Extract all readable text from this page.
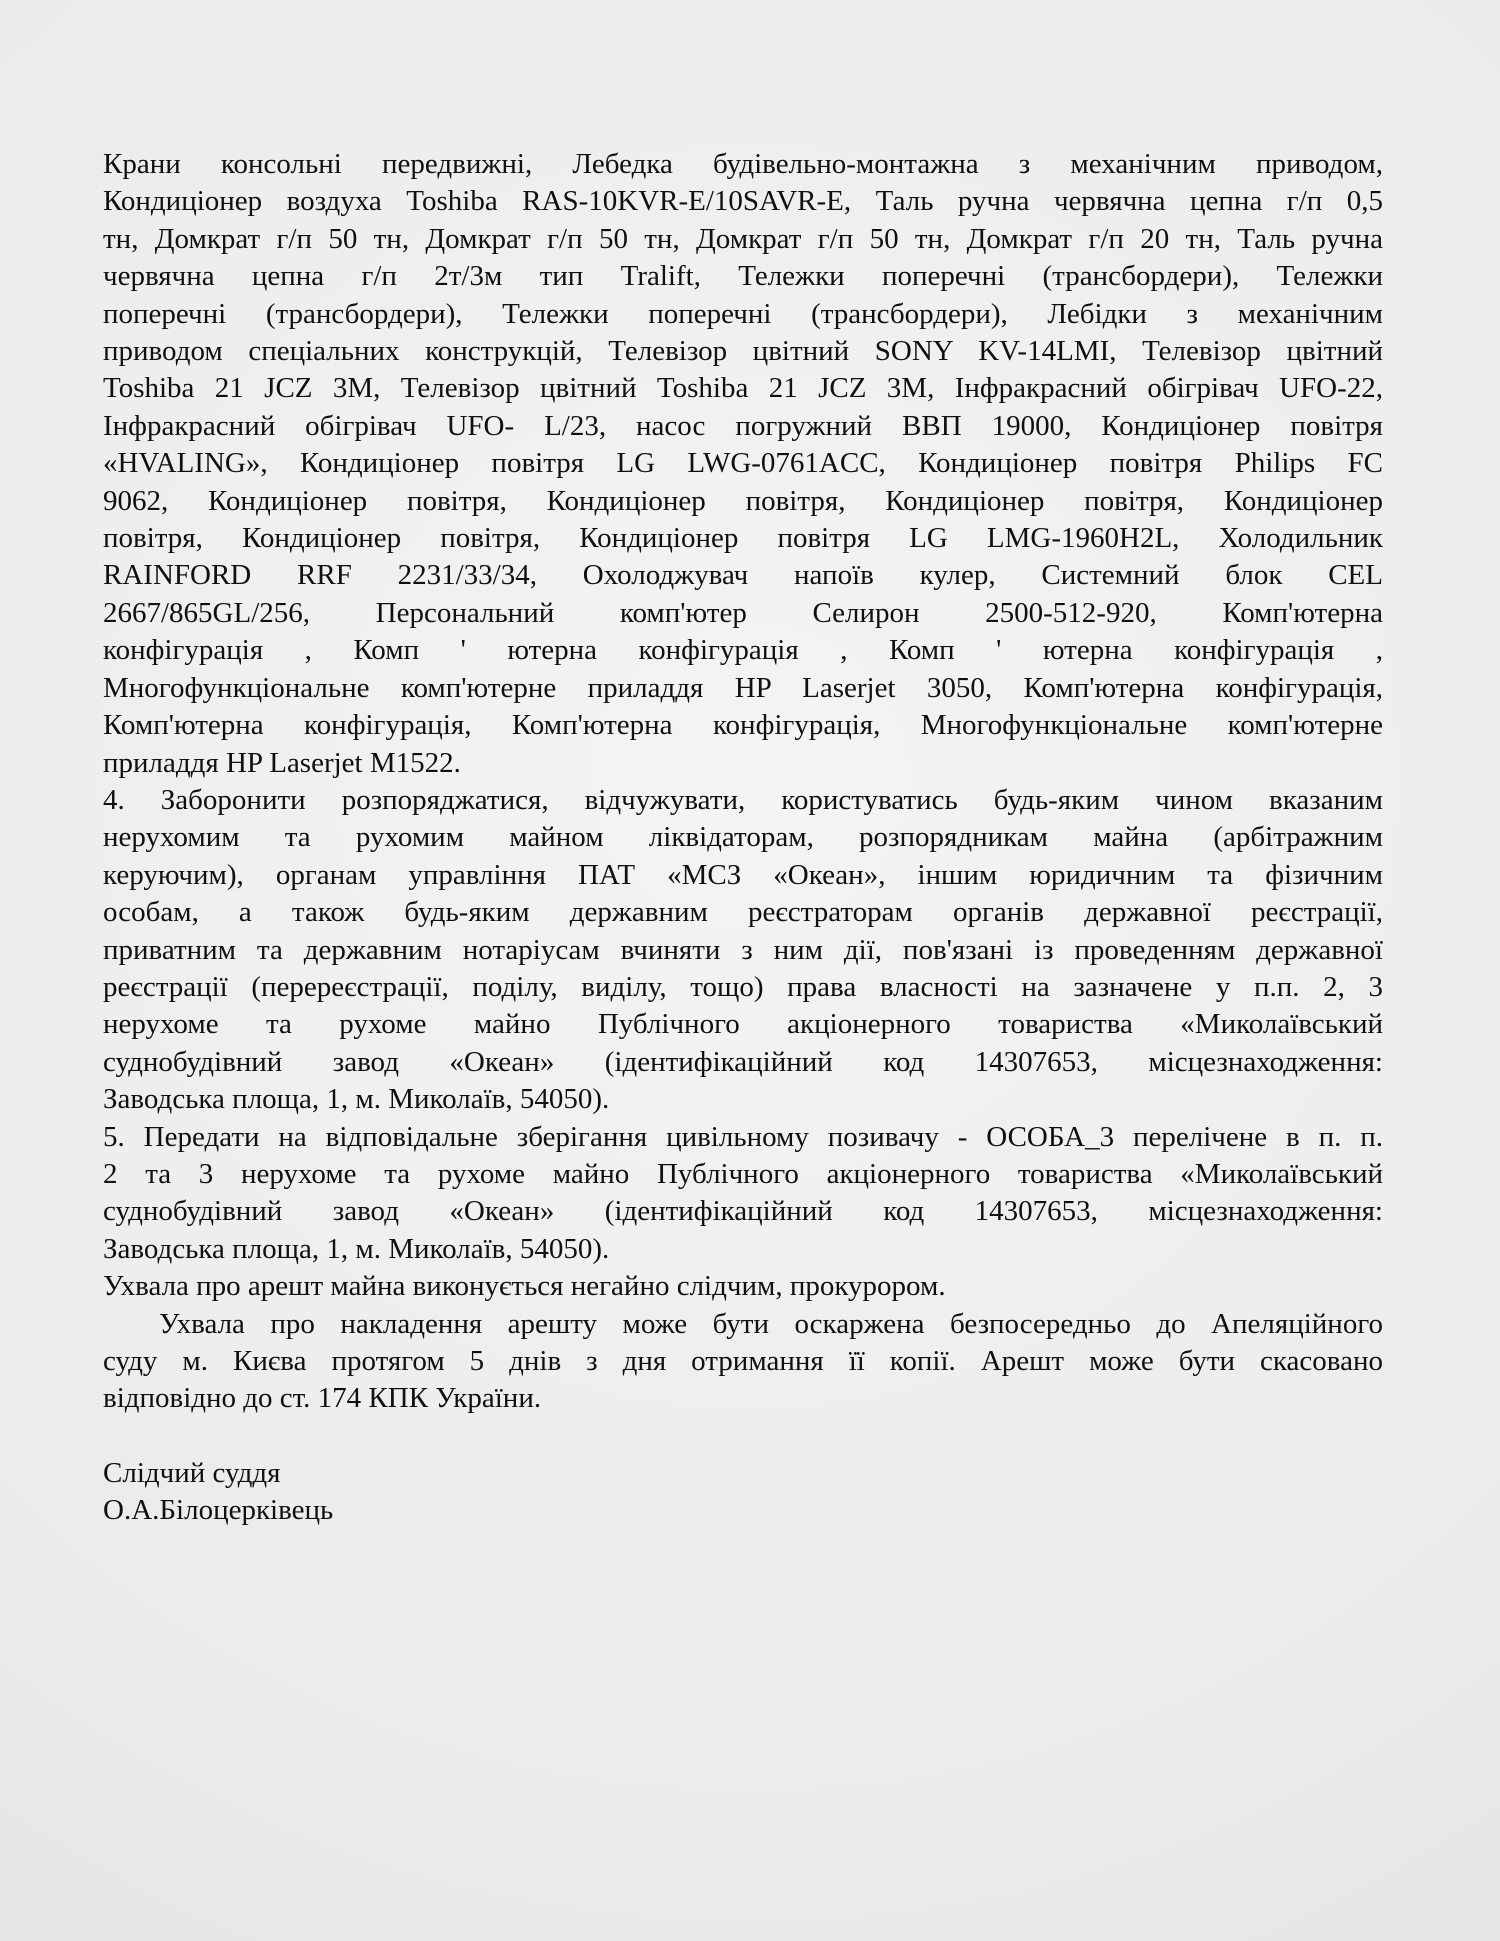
Крани консольні передвижні, Лебедка будівельно-монтажна з механічним приводом,
Кондиціонер воздуха Toshiba RAS-10KVR-E/10SAVR-E, Таль ручна червячна цепна г/п 0,5
тн, Домкрат г/п 50 тн, Домкрат г/п 50 тн, Домкрат г/п 50 тн, Домкрат г/п 20 тн, Таль ручна
червячна цепна г/п 2т/3м тип Tralift, Тележки поперечні (трансбордери), Тележки
поперечні (трансбордери), Тележки поперечні (трансбордери), Лебідки з механічним
приводом спеціальних конструкцій, Телевізор цвітний SONY KV-14LMI, Телевізор цвітний
Toshiba 21 JCZ 3M, Телевізор цвітний Toshiba 21 JCZ 3M, Інфракрасний обігрівач UFO-22,
Інфракрасний обігрівач UFO- L/23, насос погружний ВВП 19000, Кондиціонер повітря
«HVALING», Кондиціонер повітря LG LWG-0761ACC, Кондиціонер повітря Philips FC
9062, Кондиціонер повітря, Кондиціонер повітря, Кондиціонер повітря, Кондиціонер
повітря, Кондиціонер повітря, Кондиціонер повітря LG LMG-1960H2L, Холодильник
RAINFORD RRF 2231/33/34, Охолоджувач напоїв кулер, Системний блок CEL
2667/865GL/256, Персональний комп'ютер Селирон 2500-512-920, Комп'ютерна
конфігурація , Комп ' ютерна конфігурація , Комп ' ютерна конфігурація ,
Многофункціональне комп'ютерне приладдя HP Laserjet 3050, Комп'ютерна конфігурація,
Комп'ютерна конфігурація, Комп'ютерна конфігурація, Многофункціональне комп'ютерне
приладдя HP Laserjet M1522.
4. Заборонити розпоряджатися, відчужувати, користуватись будь-яким чином вказаним
нерухомим та рухомим майном ліквідаторам, розпорядникам майна (арбітражним
керуючим), органам управління ПАТ «МСЗ «Океан», іншим юридичним та фізичним
особам, а також будь-яким державним реєстраторам органів державної реєстрації,
приватним та державним нотаріусам вчиняти з ним дії, пов'язані із проведенням державної
реєстрації (перереєстрації, поділу, виділу, тощо) права власності на зазначене у п.п. 2, 3
нерухоме та рухоме майно Публічного акціонерного товариства «Миколаївський
суднобудівний завод «Океан» (ідентифікаційний код 14307653, місцезнаходження:
Заводська площа, 1, м. Миколаїв, 54050).
5. Передати на відповідальне зберігання цивільному позивачу - ОСОБА_3 перелічене в п. п.
2 та 3 нерухоме та рухоме майно Публічного акціонерного товариства «Миколаївський
суднобудівний завод «Океан» (ідентифікаційний код 14307653, місцезнаходження:
Заводська площа, 1, м. Миколаїв, 54050).
Ухвала про арешт майна виконується негайно слідчим, прокурором.
Ухвала про накладення арешту може бути оскаржена безпосередньо до Апеляційного
суду м. Києва протягом 5 днів з дня отримання її копії. Арешт може бути скасовано
відповідно до ст. 174 КПК України.
Слідчий суддя
О.А.Білоцерківець
